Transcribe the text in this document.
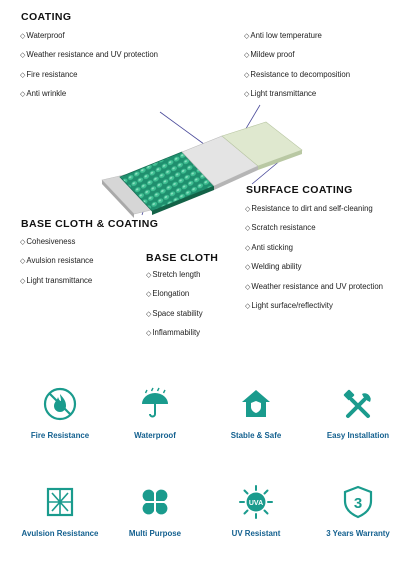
COATING
◇Waterproof
◇Weather resistance and UV protection
◇Fire resistance
◇Anti wrinkle
◇Anti low temperature
◇Mildew proof
◇Resistance to decomposition
◇Light transmittance
SURFACE COATING
◇Resistance to dirt and self-cleaning
◇Scratch resistance
◇Anti sticking
◇Welding ability
◇Weather resistance and UV protection
◇Light surface/reflectivity
BASE CLOTH & COATING
◇Cohesiveness
◇Avulsion resistance
◇Light transmittance
BASE CLOTH
◇Stretch length
◇Elongation
◇Space stability
◇Inflammability
Fire Resistance	Waterproof	Stable & Safe	Easy Installation
Avulsion Resistance	Multi Purpose
UVA
UV Resistant
3
3 Years Warranty
